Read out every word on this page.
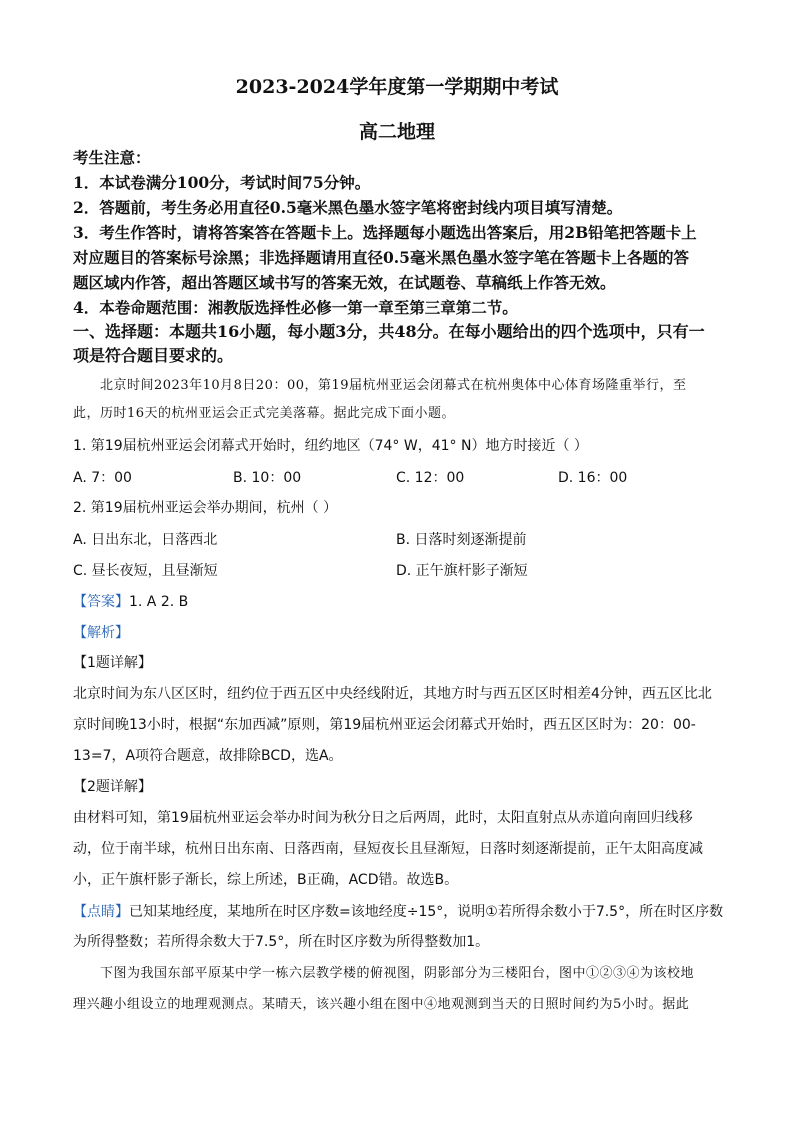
2023-2024学年度第一学期期中考试
高二地理
考生注意：
1．本试卷满分100分，考试时间75分钟。
2．答题前，考生务必用直径0.5毫米黑色墨水签字笔将密封线内项目填写清楚。
3．考生作答时，请将答案答在答题卡上。选择题每小题选出答案后，用2B铅笔把答题卡上
对应题目的答案标号涂黑；非选择题请用直径0.5毫米黑色墨水签字笔在答题卡上各题的答
题区域内作答，超出答题区域书写的答案无效，在试题卷、草稿纸上作答无效。
4．本卷命题范围：湘教版选择性必修一第一章至第三章第二节。
一、选择题：本题共16小题，每小题3分，共48分。在每小题给出的四个选项中，只有一
项是符合题目要求的。
北京时间2023年10月8日20：00，第19届杭州亚运会闭幕式在杭州奥体中心体育场隆重举行，至
此，历时16天的杭州亚运会正式完美落幕。据此完成下面小题。
1. 第19届杭州亚运会闭幕式开始时，纽约地区（74° W，41° N）地方时接近（ ）
A. 7：00	B. 10：00	C. 12：00	D. 16：00
2. 第19届杭州亚运会举办期间，杭州（ ）
A. 日出东北，日落西北	B. 日落时刻逐渐提前
C. 昼长夜短，且昼渐短	D. 正午旗杆影子渐短
【答案】1. A 2. B
【解析】
【1题详解】
北京时间为东八区区时，纽约位于西五区中央经线附近，其地方时与西五区区时相差4分钟，西五区比北
京时间晚13小时，根据“东加西减”原则，第19届杭州亚运会闭幕式开始时，西五区区时为：20：00-
13=7，A项符合题意，故排除BCD，选A。
【2题详解】
由材料可知，第19届杭州亚运会举办时间为秋分日之后两周，此时，太阳直射点从赤道向南回归线移
动，位于南半球，杭州日出东南、日落西南，昼短夜长且昼渐短，日落时刻逐渐提前，正午太阳高度减
小，正午旗杆影子渐长，综上所述，B正确，ACD错。故选B。
【点睛】已知某地经度，某地所在时区序数=该地经度÷15°，说明①若所得余数小于7.5°，所在时区序数
为所得整数；若所得余数大于7.5°，所在时区序数为所得整数加1。
下图为我国东部平原某中学一栋六层教学楼的俯视图，阴影部分为三楼阳台，图中①②③④为该校地
理兴趣小组设立的地理观测点。某晴天，该兴趣小组在图中④地观测到当天的日照时间约为5小时。据此
